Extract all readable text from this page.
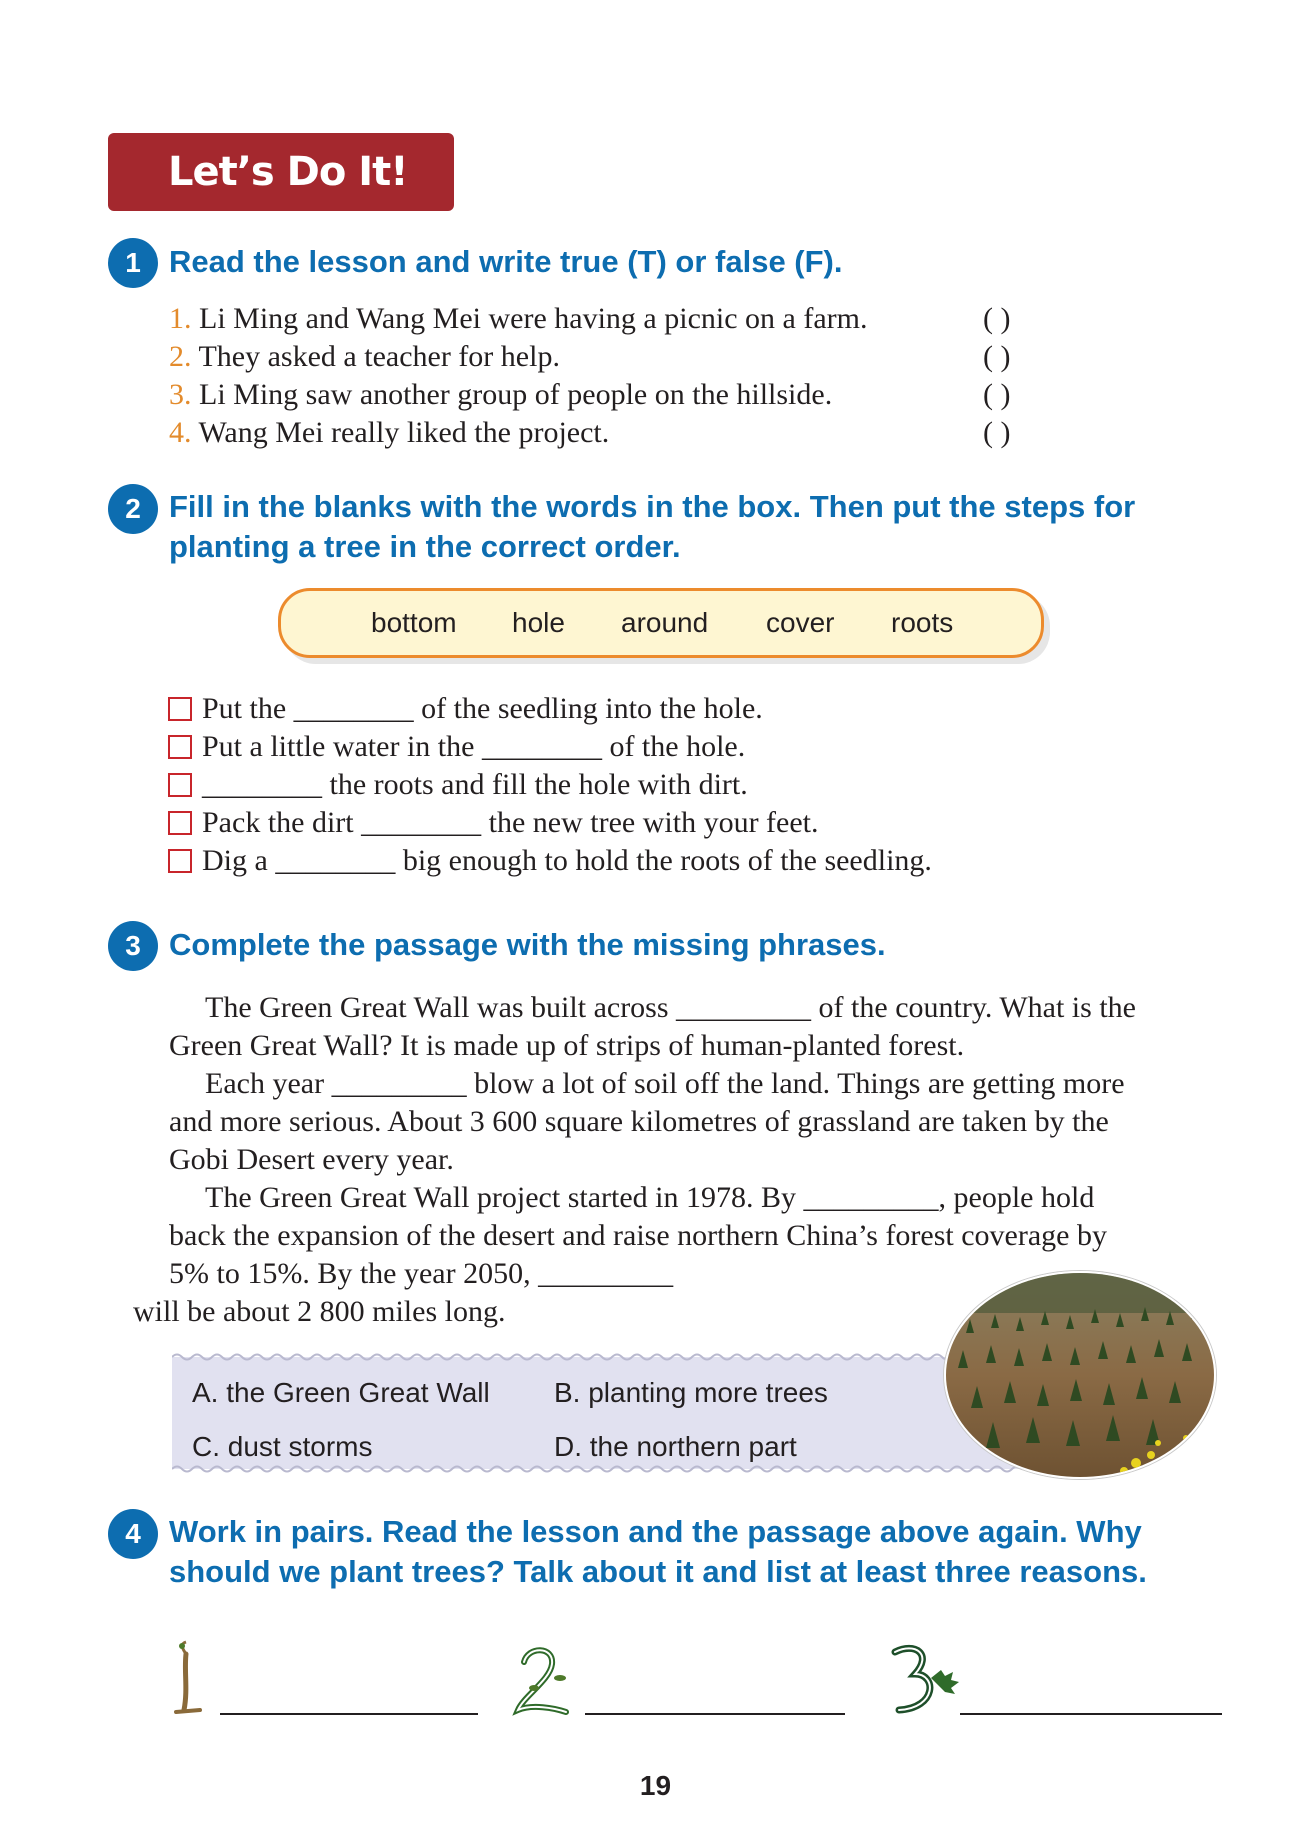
Let’s Do It!
1 Read the lesson and write true (T) or false (F).
1. Li Ming and Wang Mei were having a picnic on a farm.	( )
2. They asked a teacher for help.	( )
3. Li Ming saw another group of people on the hillside.	( )
4. Wang Mei really liked the project.	( )
2 Fill in the blanks with the words in the box. Then put the steps for
planting a tree in the correct order.
bottom hole around cover roots
Put the ________ of the seedling into the hole.
Put a little water in the ________ of the hole.
________ the roots and fill the hole with dirt.
Pack the dirt ________ the new tree with your feet.
Dig a ________ big enough to hold the roots of the seedling.
3 Complete the passage with the missing phrases.

The Green Great Wall was built across _________ of the country. What is the Green Great Wall? It is made up of strips of human-planted forest.

Each year _________ blow a lot of soil off the land. Things are getting more and more serious. About 3 600 square kilometres of grassland are taken by the Gobi Desert every year.

The Green Great Wall project started in 1978. By _________, people hold back the expansion of the desert and raise northern China’s forest coverage by 5% to 15%. By the year 2050, _________
will be about 2 800 miles long.

A. the Green Great Wall B. planting more trees
C. dust storms	D. the northern part
4 Work in pairs. Read the lesson and the passage above again. Why
should we plant trees? Talk about it and list at least three reasons.
19
